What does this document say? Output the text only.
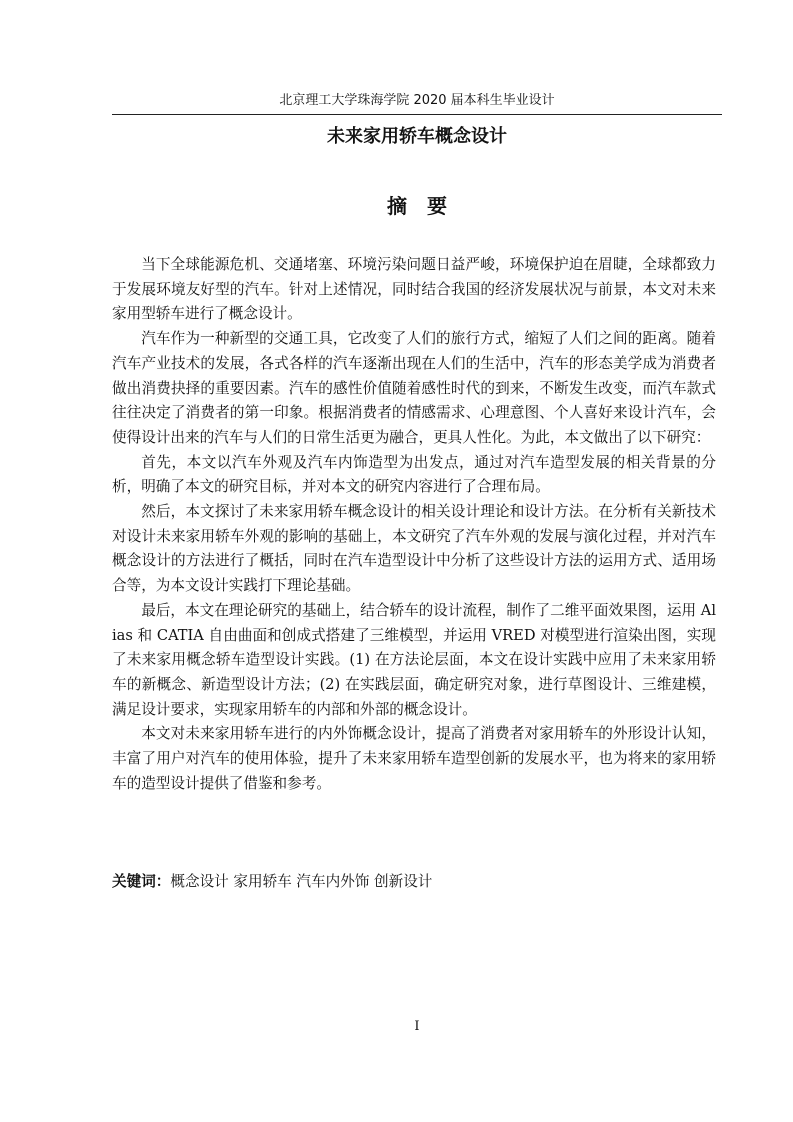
北京理工大学珠海学院 2020 届本科生毕业设计
未来家用轿车概念设计
摘要

当下全球能源危机、交通堵塞、环境污染问题日益严峻，环境保护迫在眉睫，全球都致力于发展环境友好型的汽车。针对上述情况，同时结合我国的经济发展状况与前景，本文对未来家用型轿车进行了概念设计。

汽车作为一种新型的交通工具，它改变了人们的旅行方式，缩短了人们之间的距离。随着汽车产业技术的发展，各式各样的汽车逐渐出现在人们的生活中，汽车的形态美学成为消费者做出消费抉择的重要因素。汽车的感性价值随着感性时代的到来，不断发生改变，而汽车款式往往决定了消费者的第一印象。根据消费者的情感需求、心理意图、个人喜好来设计汽车，会使得设计出来的汽车与人们的日常生活更为融合，更具人性化。为此，本文做出了以下研究：

首先，本文以汽车外观及汽车内饰造型为出发点，通过对汽车造型发展的相关背景的分析，明确了本文的研究目标，并对本文的研究内容进行了合理布局。

然后，本文探讨了未来家用轿车概念设计的相关设计理论和设计方法。在分析有关新技术对设计未来家用轿车外观的影响的基础上，本文研究了汽车外观的发展与演化过程，并对汽车概念设计的方法进行了概括，同时在汽车造型设计中分析了这些设计方法的运用方式、适用场合等，为本文设计实践打下理论基础。

最后，本文在理论研究的基础上，结合轿车的设计流程，制作了二维平面效果图，运用 Alias 和 CATIA 自由曲面和创成式搭建了三维模型，并运用 VRED 对模型进行渲染出图，实现了未来家用概念轿车造型设计实践。(1) 在方法论层面，本文在设计实践中应用了未来家用轿车的新概念、新造型设计方法；(2) 在实践层面，确定研究对象，进行草图设计、三维建模，满足设计要求，实现家用轿车的内部和外部的概念设计。

本文对未来家用轿车进行的内外饰概念设计，提高了消费者对家用轿车的外形设计认知，丰富了用户对汽车的使用体验，提升了未来家用轿车造型创新的发展水平，也为将来的家用轿车的造型设计提供了借鉴和参考。

关键词：概念设计 家用轿车 汽车内外饰 创新设计
I
